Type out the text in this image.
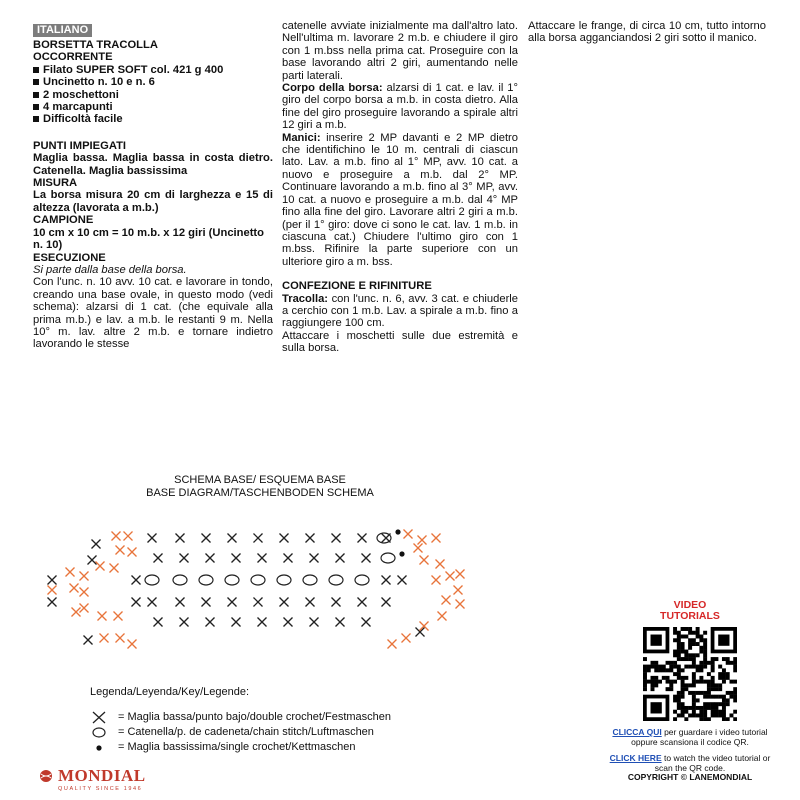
ITALIANO

BORSETTA TRACOLLA

OCCORRENTE

Filato SUPER SOFT col. 421 g 400

Uncinetto n. 10 e n. 6

2 moschettoni

4 marcapunti

Difficoltà facile

PUNTI IMPIEGATI

Maglia bassa. Maglia bassa in costa dietro. Catenella. Maglia bassissima

MISURA

La borsa misura 20 cm di larghezza e 15 di altezza (lavorata a m.b.)

CAMPIONE

10 cm x 10 cm = 10 m.b. x 12 giri (Uncinetto n. 10)

ESECUZIONE

Si parte dalla base della borsa.

Con l'unc. n. 10 avv. 10 cat. e lavorare in tondo, creando una base ovale, in questo modo (vedi schema): alzarsi di 1 cat. (che equivale alla prima m.b.) e lav. a m.b. le restanti 9 m. Nella 10° m. lav. altre 2 m.b. e tornare indietro lavorando le stesse

catenelle avviate inizialmente ma dall'altro lato. Nell'ultima m. lavorare 2 m.b. e chiudere il giro con 1 m.bss nella prima cat. Proseguire con la base lavorando altri 2 giri, aumentando nelle parti laterali.

Corpo della borsa: alzarsi di 1 cat. e lav. il 1° giro del corpo borsa a m.b. in costa dietro. Alla fine del giro proseguire lavorando a spirale altri 12 giri a m.b.

Manici: inserire 2 MP davanti e 2 MP dietro che identifichino le 10 m. centrali di ciascun lato. Lav. a m.b. fino al 1° MP, avv. 10 cat. a nuovo e proseguire a m.b. dal 2° MP. Continuare lavorando a m.b. fino al 3° MP, avv. 10 cat. a nuovo e proseguire a m.b. dal 4° MP fino alla fine del giro. Lavorare altri 2 giri a m.b. (per il 1° giro: dove ci sono le cat. lav. 1 m.b. in ciascuna cat.) Chiudere l'ultimo giro con 1 m.bss. Rifinire la parte superiore con un ulteriore giro a m. bss.

CONFEZIONE E RIFINITURE

Tracolla: con l'unc. n. 6, avv. 3 cat. e chiuderle a cerchio con 1 m.b. Lav. a spirale a m.b. fino a raggiungere 100 cm.

Attaccare i moschetti sulle due estremità e sulla borsa.

Attaccare le frange, di circa 10 cm, tutto intorno alla borsa agganciandosi 2 giri sotto il manico.

SCHEMA BASE/ ESQUEMA BASE
BASE DIAGRAM/TASCHENBODEN SCHEMA
Legenda/Leyenda/Key/Legende:
= Maglia bassa/punto bajo/double crochet/Festmaschen
= Catenella/p. de cadeneta/chain stitch/Luftmaschen
= Maglia bassissima/single crochet/Kettmaschen
MONDIAL
QUALITY SINCE 1946
VIDEO TUTORIALS
CLICCA QUI per guardare i video tutorial oppure scansiona il codice QR.
CLICK HERE to watch the video tutorial or scan the QR code.
COPYRIGHT © LANEMONDIAL
